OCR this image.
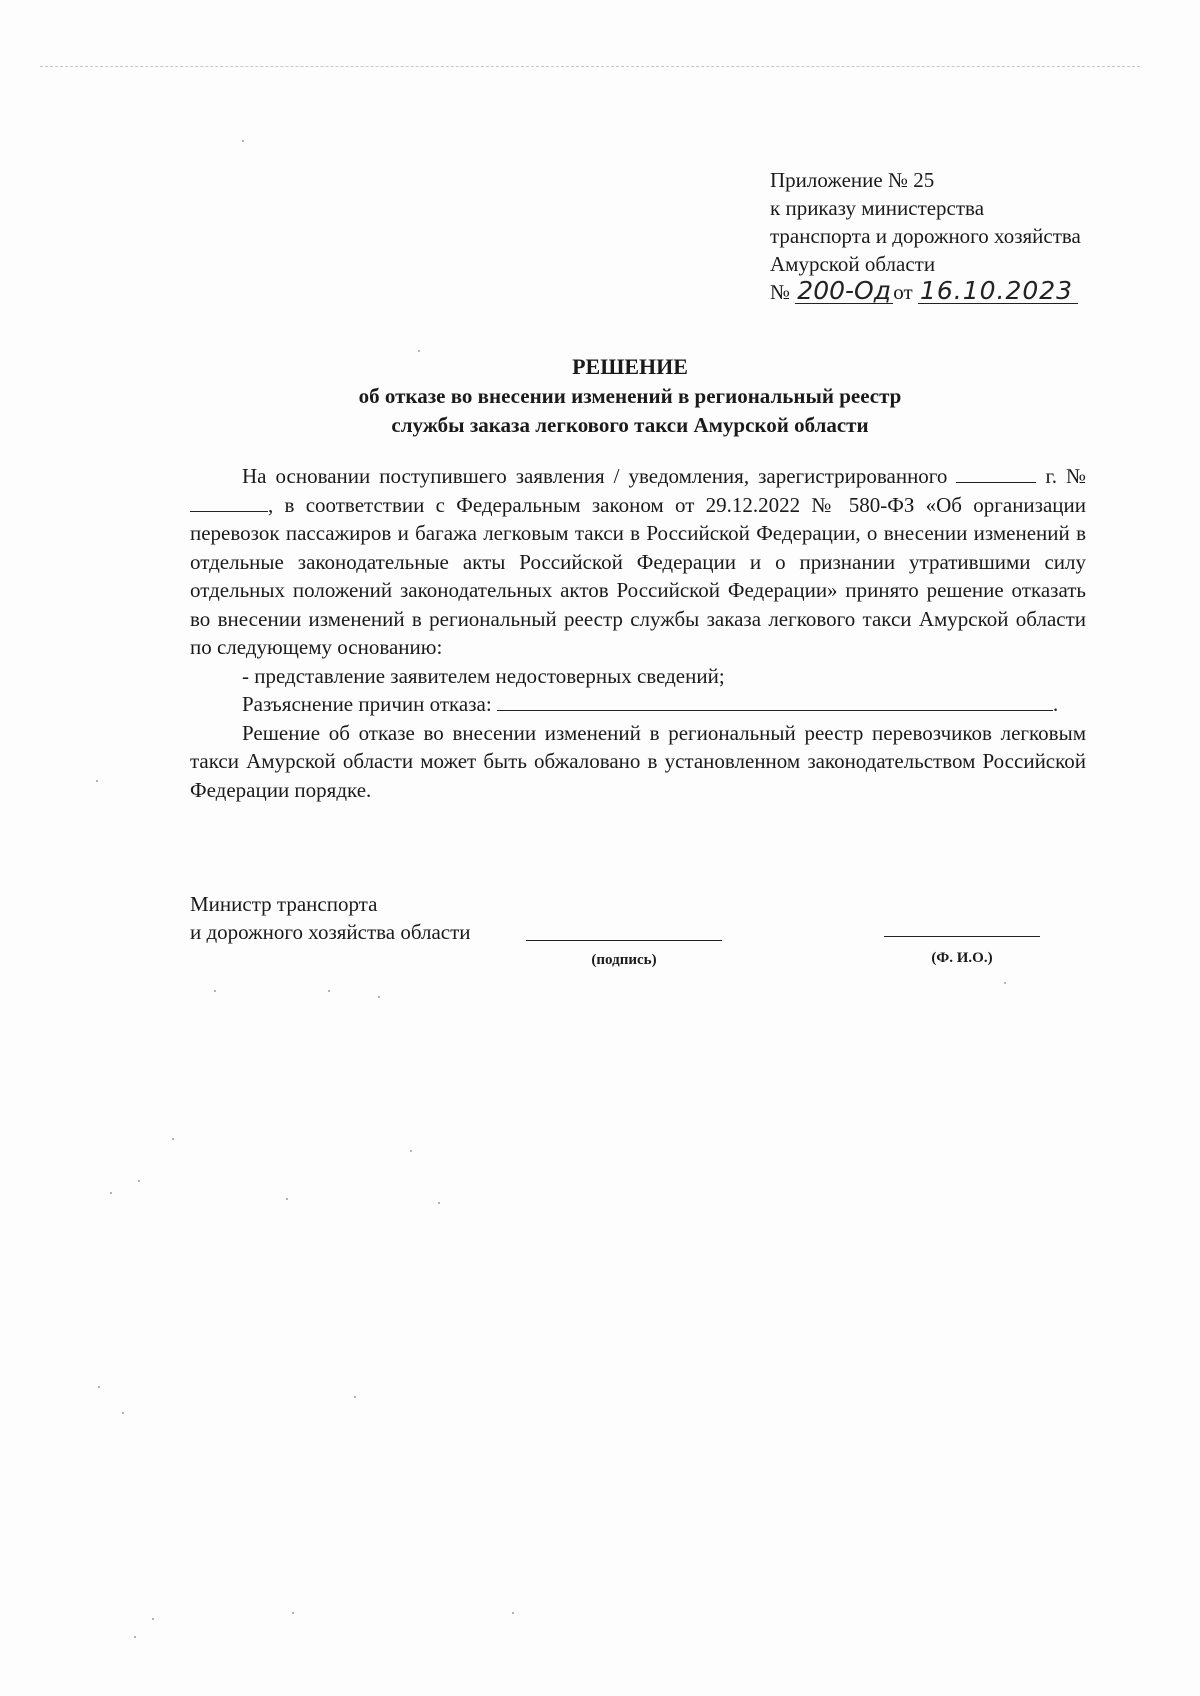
Приложение № 25
к приказу министерства
транспорта и дорожного хозяйства
Амурской области
№ 200-Од от 16.10.2023
РЕШЕНИЕ
об отказе во внесении изменений в региональный реестр
службы заказа легкового такси Амурской области

На основании поступившего заявления / уведомления, зарегистрированного	г. № , в соответствии с Федеральным законом от 29.12.2022 № 580-ФЗ «Об организации перевозок пассажиров и багажа легковым такси в Российской Федерации, о внесении изменений в отдельные законодательные акты Российской Федерации и о признании утратившими силу отдельных положений законодательных актов Российской Федерации» принято решение отказать во внесении изменений в региональный реестр службы заказа легкового такси Амурской области по следующему основанию:

- представление заявителем недостоверных сведений;

Разъяснение причин отказа:	.

Решение об отказе во внесении изменений в региональный реестр перевозчиков легковым такси Амурской области может быть обжаловано в установленном законодательством Российской Федерации порядке.

Министр транспорта
и дорожного хозяйства области
(подпись)	(Ф. И.О.)
